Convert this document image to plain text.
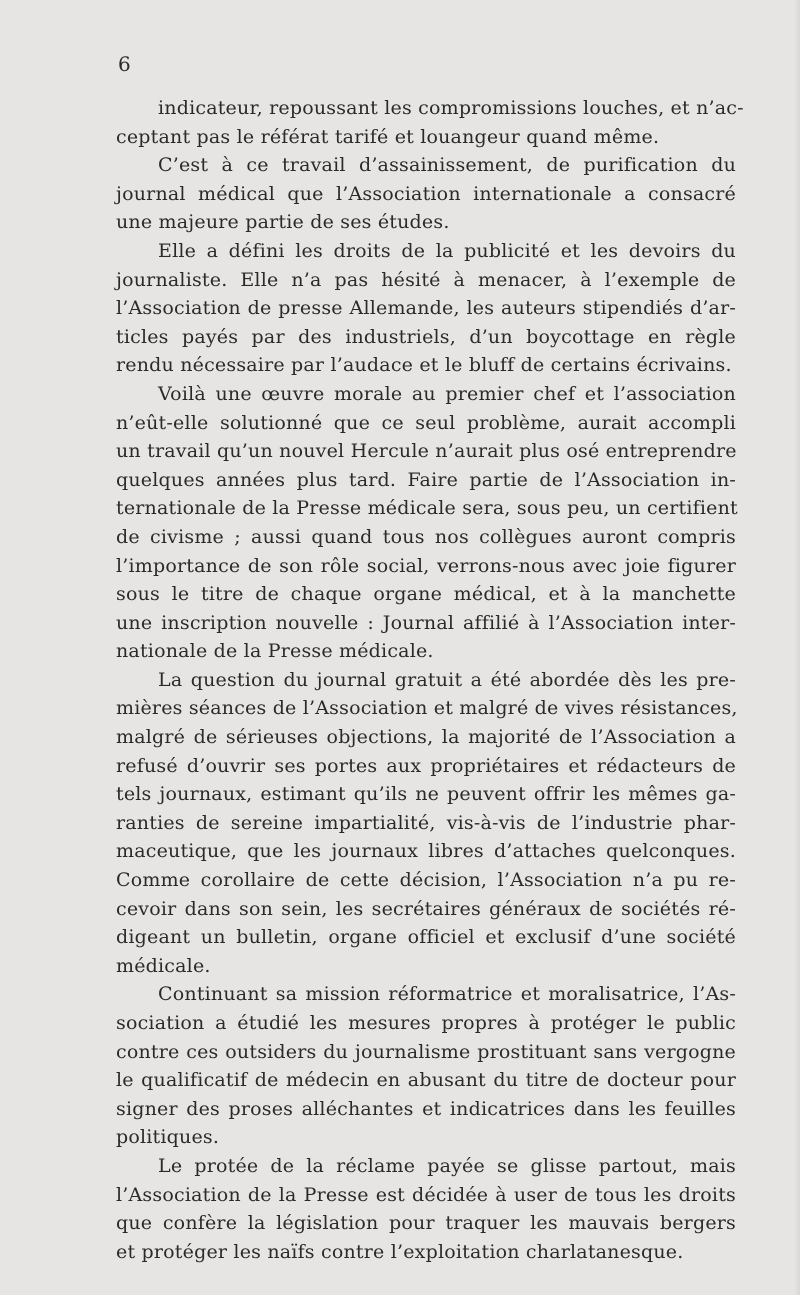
6
indicateur, repoussant les compromissions louches, et n’ac-
ceptant pas le référat tarifé et louangeur quand même.
C’est à ce travail d’assainissement, de purification du
journal médical que l’Association internationale a consacré
une majeure partie de ses études.
Elle a défini les droits de la publicité et les devoirs du
journaliste. Elle n’a pas hésité à menacer, à l’exemple de
l’Association de presse Allemande, les auteurs stipendiés d’ar-
ticles payés par des industriels, d’un boycottage en règle
rendu nécessaire par l’audace et le bluff de certains écrivains.
Voilà une œuvre morale au premier chef et l’association
n’eût-elle solutionné que ce seul problème, aurait accompli
un travail qu’un nouvel Hercule n’aurait plus osé entreprendre
quelques années plus tard. Faire partie de l’Association in-
ternationale de la Presse médicale sera, sous peu, un certifient
de civisme ; aussi quand tous nos collègues auront compris
l’importance de son rôle social, verrons-nous avec joie figurer
sous le titre de chaque organe médical, et à la manchette
une inscription nouvelle : Journal affilié à l’Association inter-
nationale de la Presse médicale.
La question du journal gratuit a été abordée dès les pre-
mières séances de l’Association et malgré de vives résistances,
malgré de sérieuses objections, la majorité de l’Association a
refusé d’ouvrir ses portes aux propriétaires et rédacteurs de
tels journaux, estimant qu’ils ne peuvent offrir les mêmes ga-
ranties de sereine impartialité, vis-à-vis de l’industrie phar-
maceutique, que les journaux libres d’attaches quelconques.
Comme corollaire de cette décision, l’Association n’a pu re-
cevoir dans son sein, les secrétaires généraux de sociétés ré-
digeant un bulletin, organe officiel et exclusif d’une société
médicale.
Continuant sa mission réformatrice et moralisatrice, l’As-
sociation a étudié les mesures propres à protéger le public
contre ces outsiders du journalisme prostituant sans vergogne
le qualificatif de médecin en abusant du titre de docteur pour
signer des proses alléchantes et indicatrices dans les feuilles
politiques.
Le protée de la réclame payée se glisse partout, mais
l’Association de la Presse est décidée à user de tous les droits
que confère la législation pour traquer les mauvais bergers
et protéger les naïfs contre l’exploitation charlatanesque.
